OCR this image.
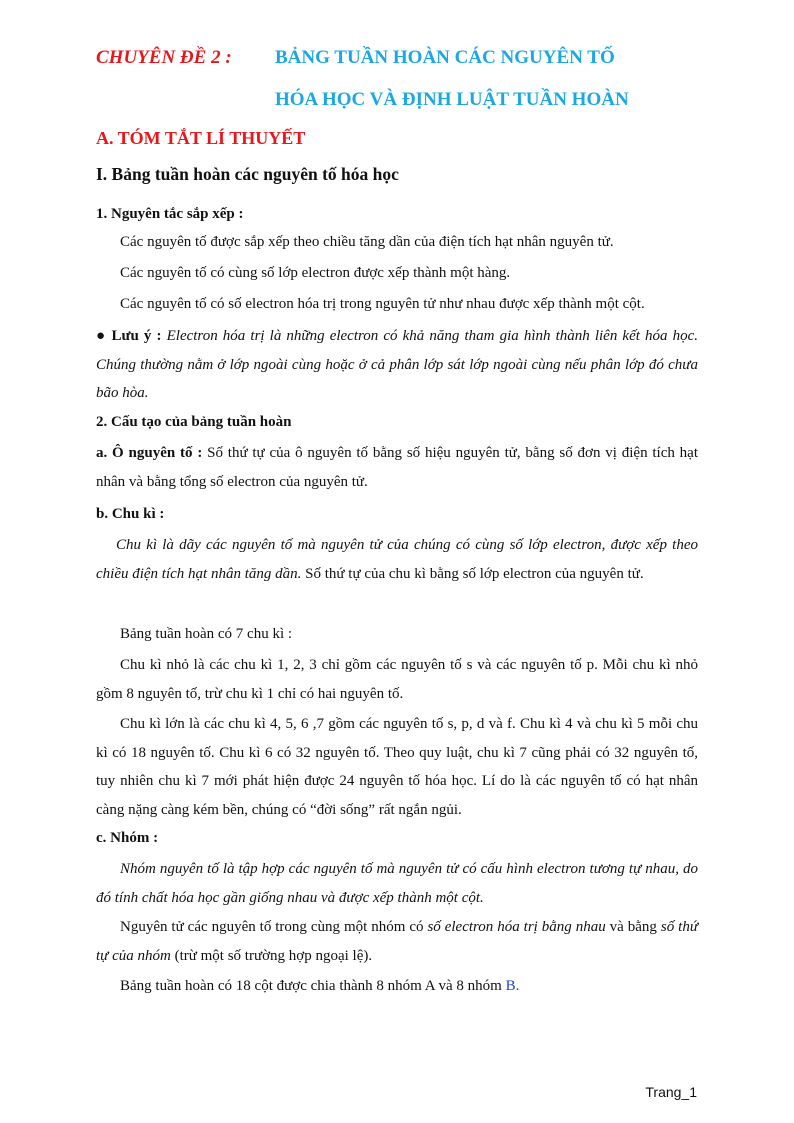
CHUYÊN ĐỀ 2 : BẢNG TUẦN HOÀN CÁC NGUYÊN TỐ
HÓA HỌC VÀ ĐỊNH LUẬT TUẦN HOÀN
A. TÓM TẮT LÍ THUYẾT
I. Bảng tuần hoàn các nguyên tố hóa học
1. Nguyên tắc sắp xếp :
Các nguyên tố được sắp xếp theo chiều tăng dần của điện tích hạt nhân nguyên tử.
Các nguyên tố có cùng số lớp electron được xếp thành một hàng.
Các nguyên tố có số electron hóa trị trong nguyên tử như nhau được xếp thành một cột.
● Lưu ý : Electron hóa trị là những electron có khả năng tham gia hình thành liên kết hóa học. Chúng thường nằm ở lớp ngoài cùng hoặc ở cả phân lớp sát lớp ngoài cùng nếu phân lớp đó chưa bão hòa.
2. Cấu tạo của bảng tuần hoàn
a. Ô nguyên tố : Số thứ tự của ô nguyên tố bằng số hiệu nguyên tử, bằng số đơn vị điện tích hạt nhân và bằng tổng số electron của nguyên tử.
b. Chu kì :
Chu kì là dãy các nguyên tố mà nguyên tử của chúng có cùng số lớp electron, được xếp theo chiều điện tích hạt nhân tăng dần. Số thứ tự của chu kì bằng số lớp electron của nguyên tử.
Bảng tuần hoàn có 7 chu kì :
Chu kì nhỏ là các chu kì 1, 2, 3 chỉ gồm các nguyên tố s và các nguyên tố p. Mỗi chu kì nhỏ gồm 8 nguyên tố, trừ chu kì 1 chỉ có hai nguyên tố.
Chu kì lớn là các chu kì 4, 5, 6 ,7 gồm các nguyên tố s, p, d và f. Chu kì 4 và chu kì 5 mỗi chu kì có 18 nguyên tố. Chu kì 6 có 32 nguyên tố. Theo quy luật, chu kì 7 cũng phải có 32 nguyên tố, tuy nhiên chu kì 7 mới phát hiện được 24 nguyên tố hóa học. Lí do là các nguyên tố có hạt nhân càng nặng càng kém bền, chúng có “đời sống” rất ngắn ngủi.
c. Nhóm :
Nhóm nguyên tố là tập hợp các nguyên tố mà nguyên tử có cấu hình electron tương tự nhau, do đó tính chất hóa học gần giống nhau và được xếp thành một cột.
Nguyên tử các nguyên tố trong cùng một nhóm có số electron hóa trị bằng nhau và bằng số thứ tự của nhóm (trừ một số trường hợp ngoại lệ).
Bảng tuần hoàn có 18 cột được chia thành 8 nhóm A và 8 nhóm B.
Trang_1
